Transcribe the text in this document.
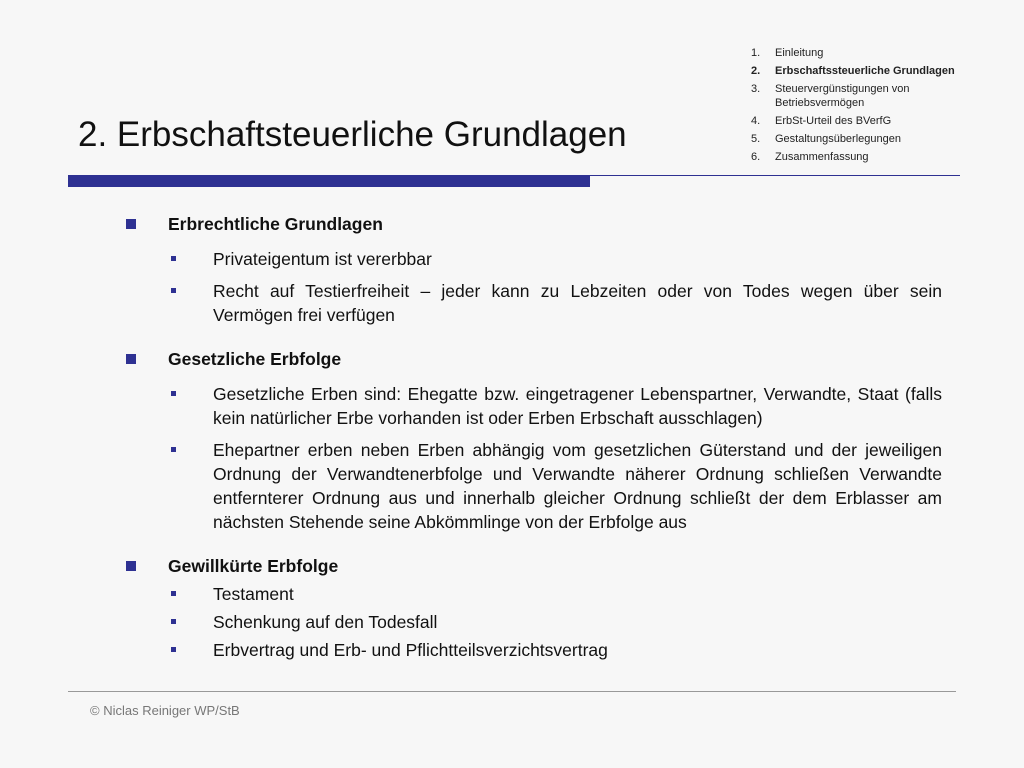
1.	Einleitung
2.	Erbschaftssteuerliche Grundlagen
3.	Steuervergünstigungen von Betriebsvermögen
4.	ErbSt-Urteil des BVerfG
5.	Gestaltungsüberlegungen
6.	Zusammenfassung
2. Erbschaftsteuerliche Grundlagen
Erbrechtliche Grundlagen
Privateigentum ist vererbbar
Recht auf Testierfreiheit – jeder kann zu Lebzeiten oder von Todes wegen über sein Vermögen frei verfügen
Gesetzliche Erbfolge
Gesetzliche Erben sind: Ehegatte bzw. eingetragener Lebenspartner, Verwandte, Staat (falls kein natürlicher Erbe vorhanden ist oder Erben Erbschaft ausschlagen)
Ehepartner erben neben Erben abhängig vom gesetzlichen Güterstand und der jeweiligen Ordnung der Verwandtenerbfolge und Verwandte näherer Ordnung schließen Verwandte entfernterer Ordnung aus und innerhalb gleicher Ordnung schließt der dem Erblasser am nächsten Stehende seine Abkömmlinge von der Erbfolge aus
Gewillkürte Erbfolge
Testament
Schenkung auf den Todesfall
Erbvertrag und Erb- und Pflichtteilsverzichtsvertrag
© Niclas Reiniger WP/StB
